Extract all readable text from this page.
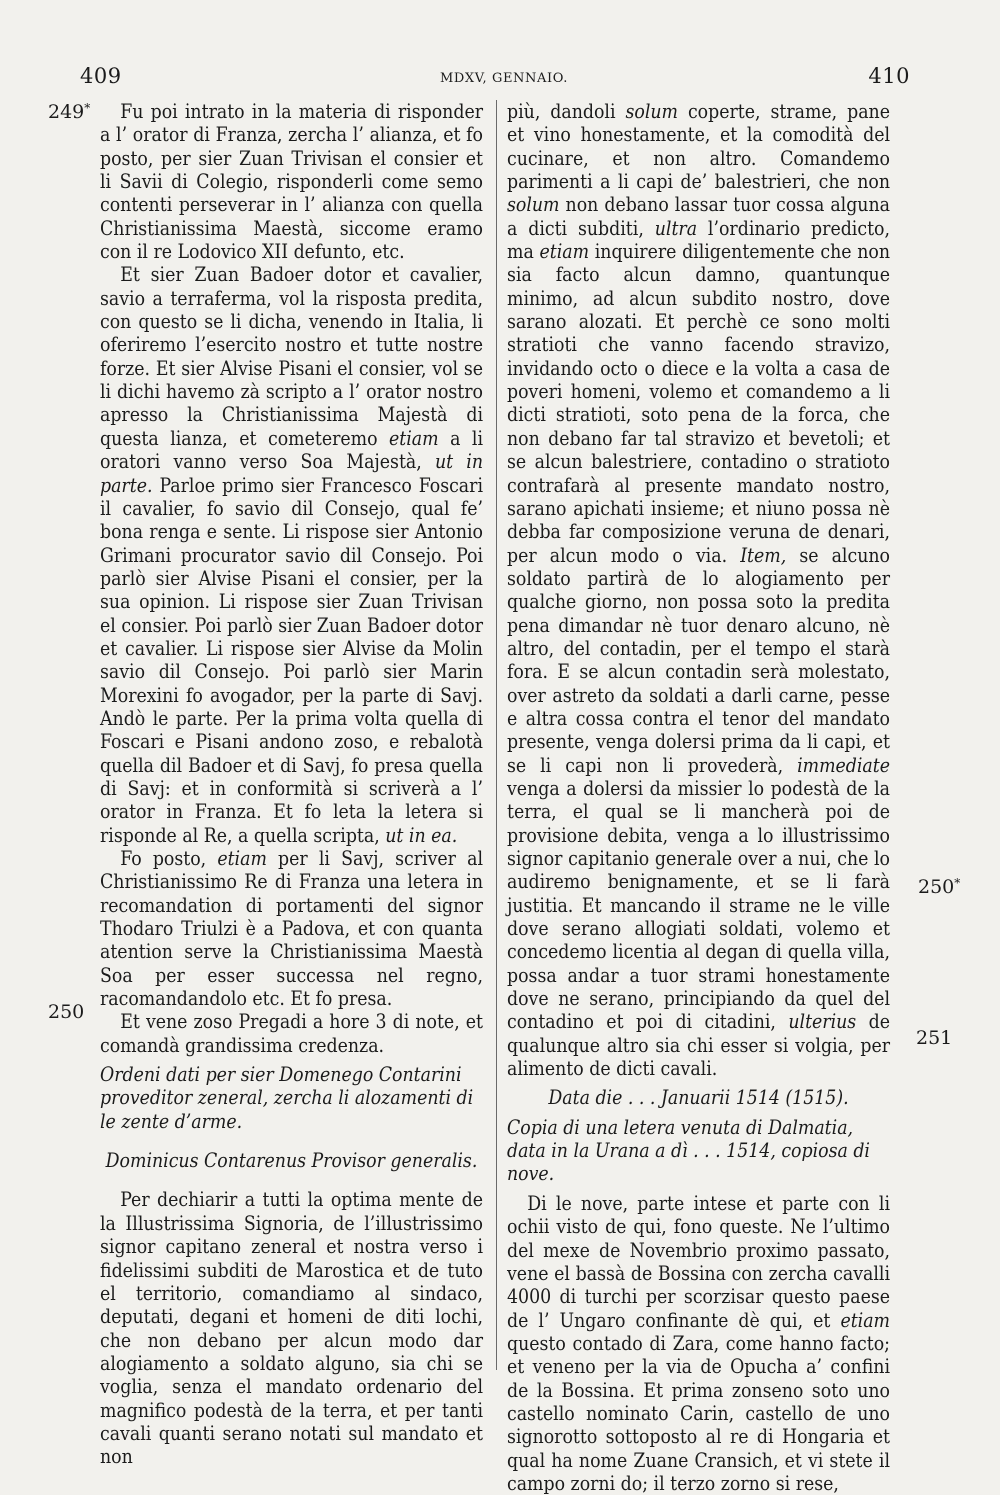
409	MDXV, GENNAIO.	410
249*
250
250*
251

Fu poi intrato in la materia di risponder a l’ orator di Franza, zercha l’ alianza, et fo posto, per sier Zuan Trivisan el consier et li Savii di Colegio, risponderli come semo contenti perseverar in l’ alianza con quella Christianissima Maestà, siccome eramo con il re Lodovico XII defunto, etc.

Et sier Zuan Badoer dotor et cavalier, savio a terraferma, vol la risposta predita, con questo se li dicha, venendo in Italia, li oferiremo l’esercito nostro et tutte nostre forze. Et sier Alvise Pisani el consier, vol se li dichi havemo zà scripto a l’ orator nostro apresso la Christianissima Majestà di questa lianza, et cometeremo etiam a li oratori vanno verso Soa Majestà, ut in parte. Parloe primo sier Francesco Foscari il cavalier, fo savio dil Consejo, qual fe’ bona renga e sente. Li rispose sier Antonio Grimani procurator savio dil Consejo. Poi parlò sier Alvise Pisani el consier, per la sua opinion. Li rispose sier Zuan Trivisan el consier. Poi parlò sier Zuan Badoer dotor et cavalier. Li rispose sier Alvise da Molin savio dil Consejo. Poi parlò sier Marin Morexini fo avogador, per la parte di Savj. Andò le parte. Per la prima volta quella di Foscari e Pisani andono zoso, e rebalotà quella dil Badoer et di Savj, fo presa quella di Savj: et in conformità si scriverà a l’ orator in Franza. Et fo leta la letera si risponde al Re, a quella scripta, ut in ea.

Fo posto, etiam per li Savj, scriver al Christianissimo Re di Franza una letera in recomandation di portamenti del signor Thodaro Triulzi è a Padova, et con quanta atention serve la Christianissima Maestà Soa per esser successa nel regno, racomandandolo etc. Et fo presa.

Et vene zoso Pregadi a hore 3 di note, et comandà grandissima credenza.

Ordeni dati per sier Domenego Contarini proveditor zeneral, zercha li alozamenti di le zente d’arme.

Dominicus Contarenus Provisor generalis.

Per dechiarir a tutti la optima mente de la Illustrissima Signoria, de l’illustrissimo signor capitano zeneral et nostra verso i fidelissimi subditi de Marostica et de tuto el territorio, comandiamo al sindaco, deputati, degani et homeni de diti lochi, che non debano per alcun modo dar alogiamento a soldato alguno, sia chi se voglia, senza el mandato ordenario del magnifico podestà de la terra, et per tanti cavali quanti serano notati sul mandato et non

più, dandoli solum coperte, strame, pane et vino honestamente, et la comodità del cucinare, et non altro. Comandemo parimenti a li capi de’ balestrieri, che non solum non debano lassar tuor cossa alguna a dicti subditi, ultra l’ordinario predicto, ma etiam inquirere diligentemente che non sia facto alcun damno, quantunque minimo, ad alcun subdito nostro, dove sarano alozati. Et perchè ce sono molti stratioti che vanno facendo stravizo, invidando octo o diece e la volta a casa de poveri homeni, volemo et comandemo a li dicti stratioti, soto pena de la forca, che non debano far tal stravizo et bevetoli; et se alcun balestriere, contadino o stratioto contrafarà al presente mandato nostro, sarano apichati insieme; et niuno possa nè debba far composizione veruna de denari, per alcun modo o via. Item, se alcuno soldato partirà de lo alogiamento per qualche giorno, non possa soto la predita pena dimandar nè tuor denaro alcuno, nè altro, del contadin, per el tempo el starà fora. E se alcun contadin serà molestato, over astreto da soldati a darli carne, pesse e altra cossa contra el tenor del mandato presente, venga dolersi prima da li capi, et se li capi non li provederà, immediate venga a dolersi da missier lo podestà de la terra, el qual se li mancherà poi de provisione debita, venga a lo illustrissimo signor capitanio generale over a nui, che lo audiremo benignamente, et se li farà justitia. Et mancando il strame ne le ville dove serano allogiati soldati, volemo et concedemo licentia al degan di quella villa, possa andar a tuor strami honestamente dove ne serano, principiando da quel del contadino et poi di citadini, ulterius de qualunque altro sia chi esser si volgia, per alimento de dicti cavali.

Data die . . . Januarii 1514 (1515).

Copia di una letera venuta di Dalmatia, data in la Urana a dì . . . 1514, copiosa di nove.

Di le nove, parte intese et parte con li ochii visto de qui, fono queste. Ne l’ultimo del mexe de Novembrio proximo passato, vene el bassà de Bossina con zercha cavalli 4000 di turchi per scorzisar questo paese de l’ Ungaro confinante dè qui, et etiam questo contado di Zara, come hanno facto; et veneno per la via de Opucha a’ confini de la Bossina. Et prima zonseno soto uno castello nominato Carin, castello de uno signorotto sottoposto al re di Hongaria et qual ha nome Zuane Cransich, et vi stete il campo zorni do; il terzo zorno si rese,
